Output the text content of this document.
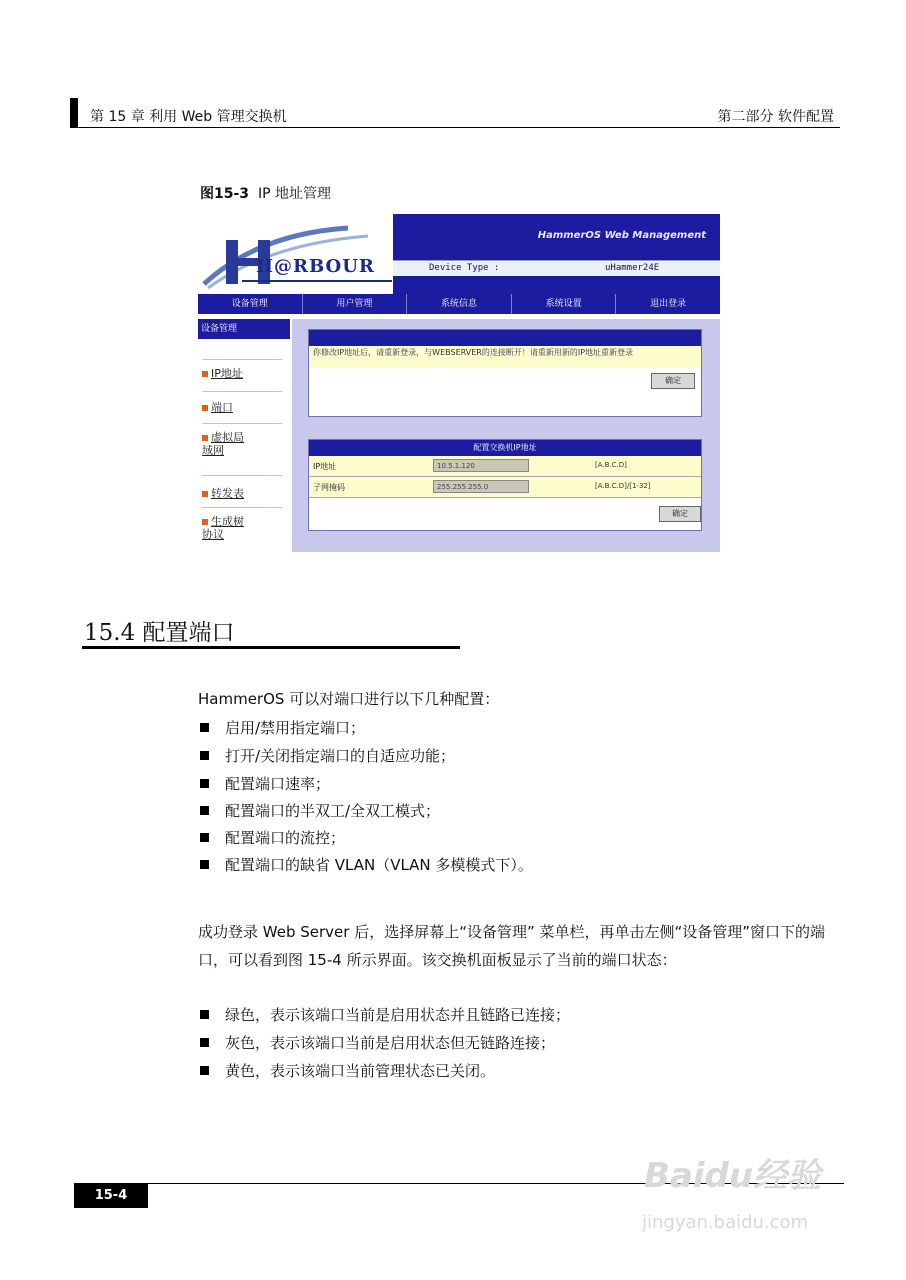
第 15 章 利用 Web 管理交换机	第二部分 软件配置
图15-3 IP 地址管理
H@RBOUR
HammerOS Web Management
Device Type :	uHammer24E
设备管理	用户管理	系统信息	系统设置	退出登录
设备管理
IP地址
端口
虚拟局域网
转发表
生成树协议
你修改IP地址后，请重新登录，与WEBSERVER的连接断开！请重新用新的IP地址重新登录
确定
配置交换机IP地址
IP地址	10.5.1.120	[A.B.C.D]
子网掩码	255.255.255.0	[A.B.C.D]/[1-32]
确定
15.4 配置端口
HammerOS 可以对端口进行以下几种配置：
启用/禁用指定端口；
打开/关闭指定端口的自适应功能；
配置端口速率；
配置端口的半双工/全双工模式；
配置端口的流控；
配置端口的缺省 VLAN（VLAN 多模模式下）。
成功登录 Web Server 后，选择屏幕上“设备管理” 菜单栏，再单击左侧“设备管理”窗口下的端口，可以看到图 15-4 所示界面。该交换机面板显示了当前的端口状态：
绿色，表示该端口当前是启用状态并且链路已连接；
灰色，表示该端口当前是启用状态但无链路连接；
黄色，表示该端口当前管理状态已关闭。
15-4	Baidu经验
jingyan.baidu.com
